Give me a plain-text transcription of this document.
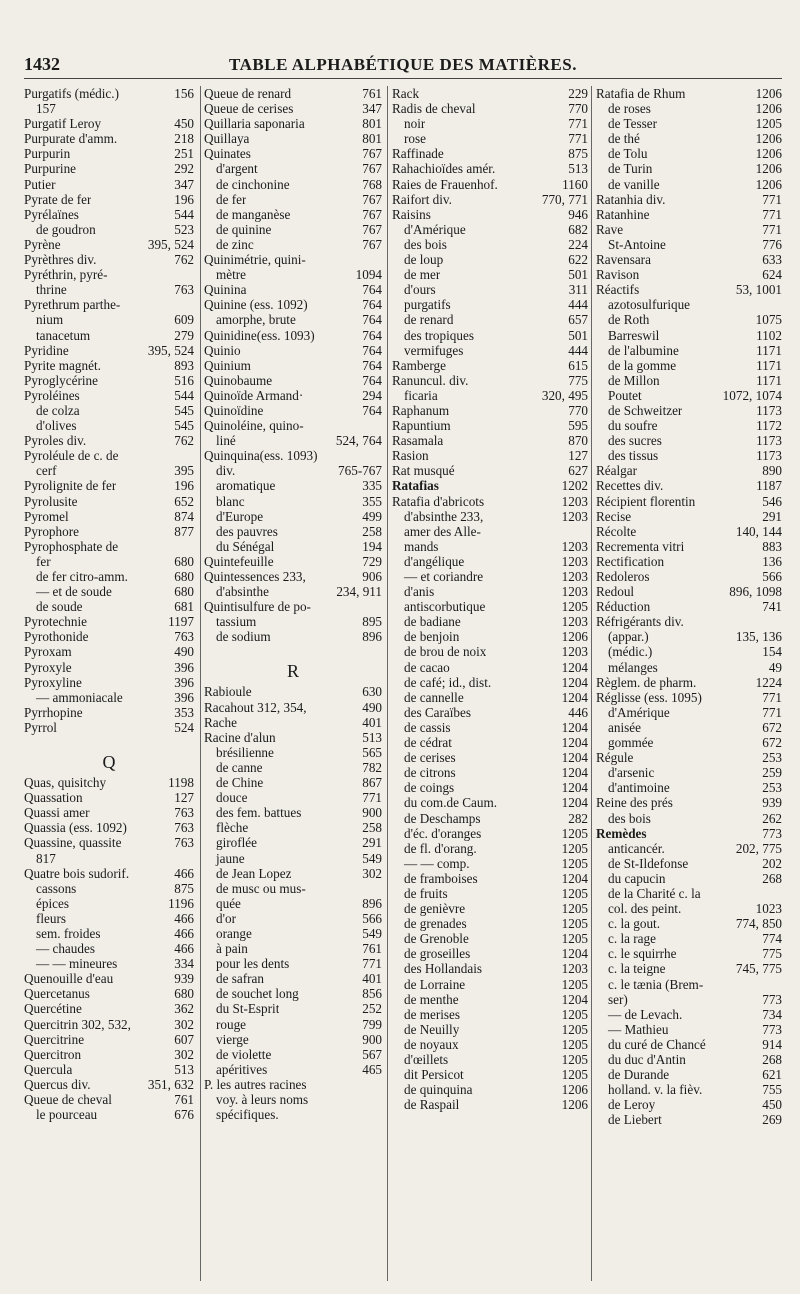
1432	TABLE ALPHABÉTIQUE DES MATIÈRES.
Purgatifs (médic.)	156
157
Purgatif Leroy	450
Purpurate d'amm.	218
Purpurin	251
Purpurine	292
Putier	347
Pyrate de fer	196
Pyrélaïnes	544
de goudron	523
Pyrène	395, 524
Pyrèthres div.	762
Pyréthrin, pyré-
thrine	763
Pyrethrum parthe-
nium	609
tanacetum	279
Pyridine	395, 524
Pyrite magnét.	893
Pyroglycérine	516
Pyroléines	544
de colza	545
d'olives	545
Pyroles div.	762
Pyroléule de c. de
cerf	395
Pyrolignite de fer	196
Pyrolusite	652
Pyromel	874
Pyrophore	877
Pyrophosphate de
fer	680
de fer citro-amm.	680
— et de soude	680
de soude	681
Pyrotechnie	1197
Pyrothonide	763
Pyroxam	490
Pyroxyle	396
Pyroxyline	396
— ammoniacale	396
Pyrrhopine	353
Pyrrol	524
Q
Quas, quisitchy	1198
Quassation	127
Quassi amer	763
Quassia (ess. 1092)	763
Quassine, quassite	763
817
Quatre bois sudorif.	466
cassons	875
épices	1196
fleurs	466
sem. froides	466
— chaudes	466
— — mineures	334
Quenouille d'eau	939
Quercetanus	680
Quercétine	362
Quercitrin 302, 532,	302
Quercitrine	607
Quercitron	302
Quercula	513
Quercus div.	351, 632
Queue de cheval	761
le pourceau	676
Queue de renard	761
Queue de cerises	347
Quillaria saponaria	801
Quillaya	801
Quinates	767
d'argent	767
de cinchonine	768
de fer	767
de manganèse	767
de quinine	767
de zinc	767
Quinimétrie, quini-
mètre	1094
Quinina	764
Quinine (ess. 1092)	764
amorphe, brute	764
Quinidine(ess. 1093)	764
Quinio	764
Quinium	764
Quinobaume	764
Quinoïde Armand·	294
Quinoïdine	764
Quinoléine, quino-
liné	524, 764
Quinquina(ess. 1093)
div.	765-767
aromatique	335
blanc	355
d'Europe	499
des pauvres	258
du Sénégal	194
Quintefeuille	729
Quintessences 233,	906
d'absinthe	234, 911
Quintisulfure de po-
tassium	895
de sodium	896
R
Rabioule	630
Racahout 312, 354,	490
Rache	401
Racine d'alun	513
brésilienne	565
de canne	782
de Chine	867
douce	771
des fem. battues	900
flèche	258
giroflée	291
jaune	549
de Jean Lopez	302
de musc ou mus-
quée	896
d'or	566
orange	549
à pain	761
pour les dents	771
de safran	401
de souchet long	856
du St-Esprit	252
rouge	799
vierge	900
de violette	567
apéritives	465
P. les autres racines
voy. à leurs noms
spécifiques.
Rack	229
Radis de cheval	770
noir	771
rose	771
Raffinade	875
Rahachioïdes amér.	513
Raies de Frauenhof.	1160
Raifort div.	770, 771
Raisins	946
d'Amérique	682
des bois	224
de loup	622
de mer	501
d'ours	311
purgatifs	444
de renard	657
des tropiques	501
vermifuges	444
Ramberge	615
Ranuncul. div.	775
ficaria	320, 495
Raphanum	770
Rapuntium	595
Rasamala	870
Rasion	127
Rat musqué	627
Ratafias	1202
Ratafia d'abricots	1203
d'absinthe 233,	1203
amer des Alle-
mands	1203
d'angélique	1203
— et coriandre	1203
d'anis	1203
antiscorbutique	1205
de badiane	1203
de benjoin	1206
de brou de noix	1203
de cacao	1204
de café; id., dist.	1204
de cannelle	1204
des Caraïbes	446
de cassis	1204
de cédrat	1204
de cerises	1204
de citrons	1204
de coings	1204
du com.de Caum.	1204
de Deschamps	282
d'éc. d'oranges	1205
de fl. d'orang.	1205
— — comp.	1205
de framboises	1204
de fruits	1205
de genièvre	1205
de grenades	1205
de Grenoble	1205
de groseilles	1204
des Hollandais	1203
de Lorraine	1205
de menthe	1204
de merises	1205
de Neuilly	1205
de noyaux	1205
d'œillets	1205
dit Persicot	1205
de quinquina	1206
de Raspail	1206
Ratafia de Rhum	1206
de roses	1206
de Tesser	1205
de thé	1206
de Tolu	1206
de Turin	1206
de vanille	1206
Ratanhia div.	771
Ratanhine	771
Rave	771
St-Antoine	776
Ravensara	633
Ravison	624
Réactifs	53, 1001
azotosulfurique
de Roth	1075
Barreswil	1102
de l'albumine	1171
de la gomme	1171
de Millon	1171
Poutet	1072, 1074
de Schweitzer	1173
du soufre	1172
des sucres	1173
des tissus	1173
Réalgar	890
Recettes div.	1187
Récipient florentin	546
Recise	291
Récolte	140, 144
Recrementa vitri	883
Rectification	136
Redoleros	566
Redoul	896, 1098
Réduction	741
Réfrigérants div.
(appar.)	135, 136
(médic.)	154
mélanges	49
Règlem. de pharm.	1224
Réglisse (ess. 1095)	771
d'Amérique	771
anisée	672
gommée	672
Régule	253
d'arsenic	259
d'antimoine	253
Reine des prés	939
des bois	262
Remèdes	773
anticancér.	202, 775
de St-Ildefonse	202
du capucin	268
de la Charité c. la
col. des peint.	1023
c. la gout.	774, 850
c. la rage	774
c. le squirrhe	775
c. la teigne	745, 775
c. le tænia (Brem-
ser)	773
— de Levach.	734
— Mathieu	773
du curé de Chancé	914
du duc d'Antin	268
de Durande	621
holland. v. la fièv.	755
de Leroy	450
de Liebert	269
